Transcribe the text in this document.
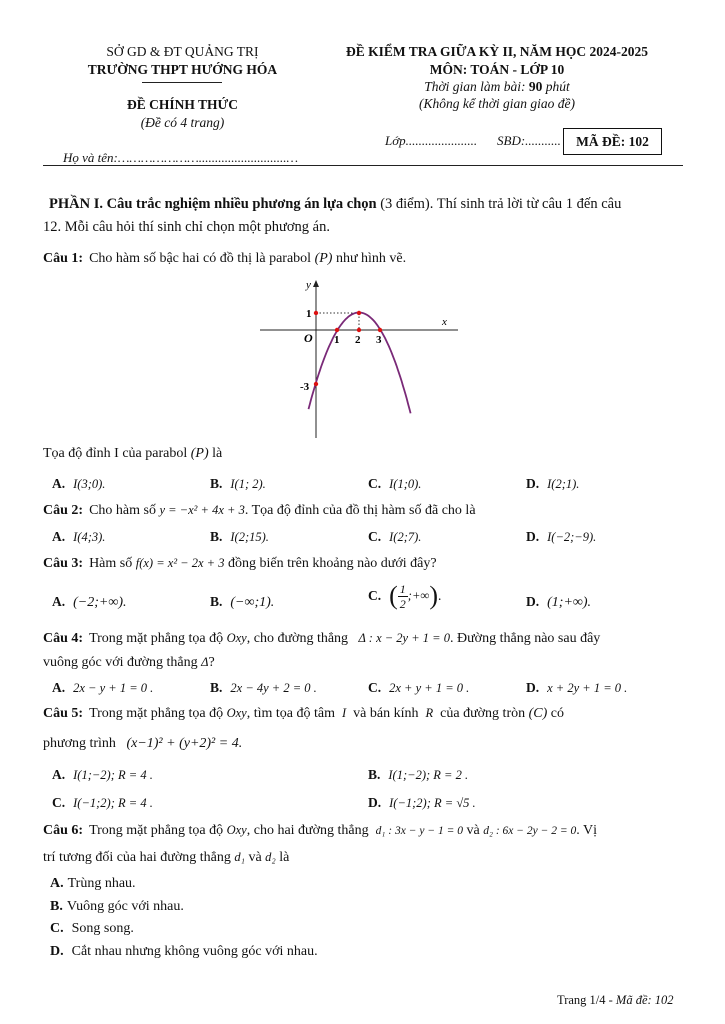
SỞ GD & ĐT QUẢNG TRỊ
TRƯỜNG THPT HƯỚNG HÓA
ĐỀ CHÍNH THỨC
(Đề có 4 trang)
ĐỀ KIỂM TRA GIỮA KỲ II, NĂM HỌC 2024-2025
MÔN: TOÁN - LỚP 10
Thời gian làm bài: 90 phút
(Không kể thời gian giao đề)
Lớp...................... SBD:...........	MÃ ĐỀ: 102
Họ và tên:…………………...........................…
PHẦN I. Câu trắc nghiệm nhiều phương án lựa chọn (3 điểm). Thí sinh trả lời từ câu 1 đến câu
12. Mỗi câu hỏi thí sinh chỉ chọn một phương án.
Câu 1: Cho hàm số bậc hai có đồ thị là parabol (P) như hình vẽ.
y
x
O 1 2 3
1
-3
Tọa độ đỉnh I của parabol (P) là
A. I(3;0).	B. I(1; 2).	C. I(1;0).	D. I(2;1).
Câu 2: Cho hàm số y = −x² + 4x + 3. Tọa độ đỉnh của đồ thị hàm số đã cho là
A. I(4;3).	B. I(2;15).	C. I(2;7).	D. I(−2;−9).
Câu 3: Hàm số f(x) = x² − 2x + 3 đồng biến trên khoảng nào dưới đây?
A. (−2;+∞).	B. (−∞;1).	C. ( $\frac{1}{2}$ ;+∞).	D. (1;+∞).
Câu 4: Trong mặt phẳng tọa độ Oxy, cho đường thẳng Δ : x − 2y + 1 = 0. Đường thẳng nào sau đây
vuông góc với đường thẳng Δ?
A. 2x − y + 1 = 0 .	B. 2x − 4y + 2 = 0 .	C. 2x + y + 1 = 0 .	D. x + 2y + 1 = 0 .
Câu 5: Trong mặt phẳng tọa độ Oxy, tìm tọa độ tâm I và bán kính R của đường tròn (C) có
phương trình (x−1)² + (y+2)² = 4.
A. I(1;−2); R = 4 .	B. I(1;−2); R = 2 .
C. I(−1;2); R = 4 .	D. I(−1;2); R = √5 .
Câu 6: Trong mặt phẳng tọa độ Oxy, cho hai đường thẳng d₁ : 3x − y − 1 = 0 và d₂ : 6x − 2y − 2 = 0. Vị
trí tương đối của hai đường thẳng d₁ và d₂ là
A. Trùng nhau.
B. Vuông góc với nhau.
C. Song song.
D. Cắt nhau nhưng không vuông góc với nhau.
Trang 1/4 - Mã đề: 102
